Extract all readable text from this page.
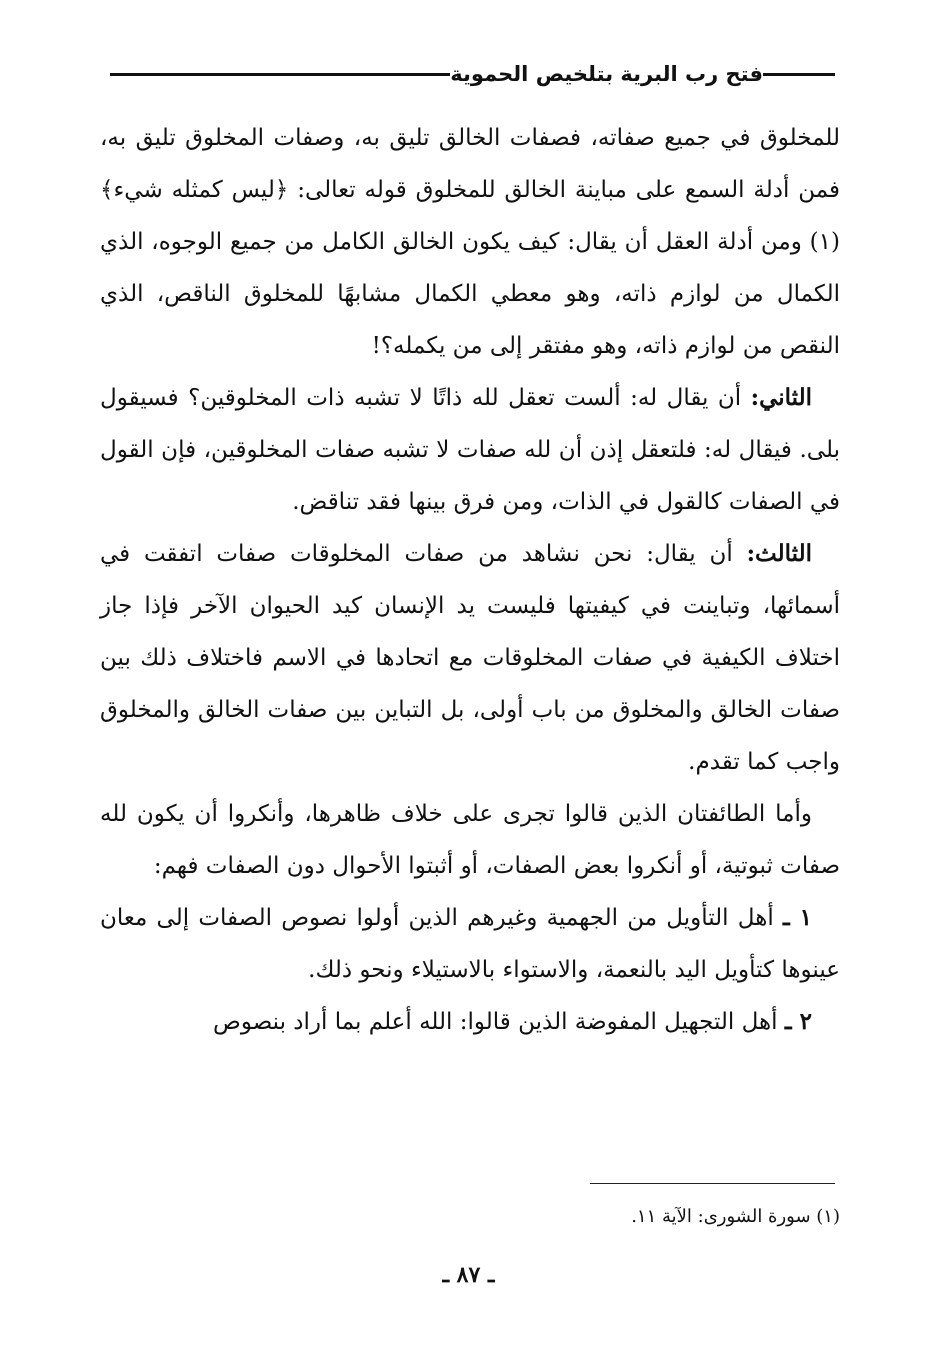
فتح رب البرية بتلخيص الحموية

للمخلوق في جميع صفاته، فصفات الخالق تليق به، وصفات المخلوق تليق به، فمن أدلة السمع على مباينة الخالق للمخلوق قوله تعالى: ﴿ليس كمثله شيء﴾(١) ومن أدلة العقل أن يقال: كيف يكون الخالق الكامل من جميع الوجوه، الذي الكمال من لوازم ذاته، وهو معطي الكمال مشابهًا للمخلوق الناقص، الذي النقص من لوازم ذاته، وهو مفتقر إلى من يكمله؟!

الثاني: أن يقال له: ألست تعقل لله ذاتًا لا تشبه ذات المخلوقين؟ فسيقول بلى. فيقال له: فلتعقل إذن أن لله صفات لا تشبه صفات المخلوقين، فإن القول في الصفات كالقول في الذات، ومن فرق بينها فقد تناقض.

الثالث: أن يقال: نحن نشاهد من صفات المخلوقات صفات اتفقت في أسمائها، وتباينت في كيفيتها فليست يد الإنسان كيد الحيوان الآخر فإذا جاز اختلاف الكيفية في صفات المخلوقات مع اتحادها في الاسم فاختلاف ذلك بين صفات الخالق والمخلوق من باب أولى، بل التباين بين صفات الخالق والمخلوق واجب كما تقدم.

وأما الطائفتان الذين قالوا تجرى على خلاف ظاهرها، وأنكروا أن يكون لله صفات ثبوتية، أو أنكروا بعض الصفات، أو أثبتوا الأحوال دون الصفات فهم:

١ ـ أهل التأويل من الجهمية وغيرهم الذين أولوا نصوص الصفات إلى معان عينوها كتأويل اليد بالنعمة، والاستواء بالاستيلاء ونحو ذلك.

٢ ـ أهل التجهيل المفوضة الذين قالوا: الله أعلم بما أراد بنصوص

(١) سورة الشورى: الآية ١١.
ـ ٨٧ ـ
